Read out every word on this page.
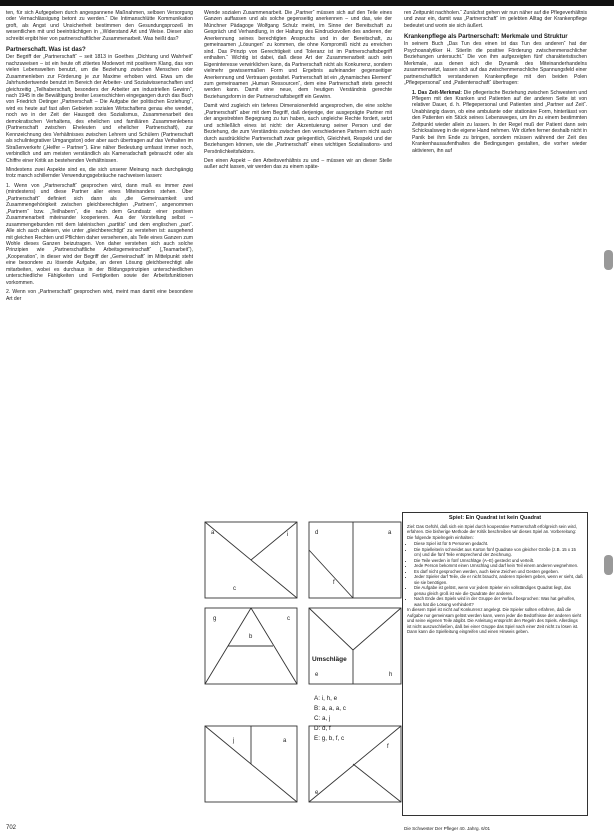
ten, für sich Aufgegeben durch angespannene Maßnahmen, selbsen Versorgung oder Vernachlässigung betont zu werden.“ Die Intimanschlütte Kommunikation groft, als Angst und Unsicherheit bestimmen den Gesundungsprozeß im wesentlichen mit und beeinträchtigen in ,,Widerstand Art und Weise. Dieser also schreibt ergibt hier von partnerschaftlicher Zusammenarbeit. Was heißt das?

Partnerschaft. Was ist das?

Der Begriff der „Partnerschaft“ – seit 1813 in Goethes „Dichtung und Wahrheit“ nachzuweisen – ist ein heute oft zitiertes Modewort mit positivem Klang, das von vielen Lebenswelten benutzt, um die Beziehung zwischen Menschen oder Zusammenleben zur Förderung je zur Maxime erhoben wird. Etwa um die Jahrhundertwende benutzt im Bereich der Arbeiter- und Sozialwissenschaften und gleichzeitig „Teilhaberschaft, besonders der Arbeiter am industriellen Gewinn“, nach 1945 in die Bewältigung breiter Leserschichten eingegangen durch das Buch von Friedrich Oetinger „Partnerschaft – Die Aufgabe der politischen Erziehung“, wird es heute auf fast allen Gebieten sozialen Wirtschaftens genau ehe wendet, noch wo in der Zeit der Hausgott des Sozialismus, Zusammenarbeit des demokratischen Verhaltens, des ehelichen und familiären Zusammenlebens (Partnerschaft zwischen Eheleuten und ehelicher Partnerschaft), zur Kennzeichnung des Verhältnisses zwischen Lehrern und Schülern (Partnerschaft als schulintegrativer Umgangston) oder aber auch übertragen auf das Verhalten im Straßenverkehr („Helfer – Partner“). Eine näher Bedeutung umfasst immer noch, verbindlich und am meisten verständlich als Kameradschaft gebraucht oder als Chiffre einer Kritik an bestehenden Verhältnissen.

Mindestens zwei Aspekte sind es, die sich unserer Meinung nach durchgängig trotz manch schillernder Verwendungsgebräuche nachweisen lassen:

1. Wenn von „Partnerschaft“ gesprochen wird, dann muß es immer zwei (mindestens) und diese Partner aller eines Miteinanders stehen. Über „Partnerschaft“ definiert sich dann als „die Gemeinsamkeit und Zusammengehörigkeit zwischen gleichberechtigten „Partnern“, angenommen „Partnern“ bzw. „Teilhabern“, die nach dem Grundsatz einer positiven Zusammenarbeit miteinander kooperieren. Aus der Vorstellung selbst – zusammengebunden mit dem lateinischen „partitio“ und dem englischen „part“. Alle sich auch ablesen, wie unter „gleichberechtigt“ zu verstehen ist: ausgehend mit gleichen Rechten und Pflichten daher versehenen, als Teile eines Ganzen zum Wohle dieses Ganzen beizutragen. Von daher verstehen sich auch solche Prinzipien wie „Partnerschaftliche Arbeitsgemeinschaft“ („Teamarbeit“), „Kooperation“, in dieser wird der Begriff der „Gemeinschaft“ im Mittelpunkt steht eine besondere zu lösende Aufgabe, an deren Lösung gleichberechtigt alle mitarbeiten, wobei es durchaus in der Bildungsprinzipien unterschiedlichen unterschiedliche Fähigkeiten und Fertigkeiten sowie der Arbeitsfunktionen vorkommen.

2. Wenn von „Partnerschaft“ gesprochen wird, meint man damit eine besondere Art der

Wende sozialen Zusammenarbeit. Die „Partner“ müssen sich auf den Teile eines Ganzen auffassen und als solche gegenseitig anerkennen – und das, wie der Münchner Pädagoge Wolfgang Schulz meint, im Sinne der Bereitschaft zu Gespräch und Verhandlung, in der Haltung des Eindrucksvollen des anderen, der Anerkennung seines berechtigten Anspruchs und in der Bereitschaft, zu gemeinsamen „Lösungen“ zu kommen, die ohne Kompromiß nicht zu erreichen sind. Das Prinzip von Gerechtigkeit und Toleranz ist im Partnerschaftsbegriff enthalten.“ Wichtig ist dabei, daß diese Art der Zusammenarbeit auch sein Eigeninteresse verwirklichen kann, da Partnerschaft nicht als Konkurrenz, sondern vielmehr gewissermaßen Form und Ergebnis aufeinander gegenseitiger Anerkennung und Vertrauen gestaltet. Partnerschaft ist ein „dynamisches Element“ zum gemeinsamen „Human Ressourcen“, dem eine Partnerschaft stets gerecht werden kann. Damit eine neue, dem heutigen Verständnis gerechte Beziehungsform in der Partnerschaftsbegriff ein Gewinn.

Damit wird zugleich ein tieferes Dimensionenfeld angesprochen, die eine solche „Partnerschaft“ aber mit dem Begriff, daß derjenige, der ausgeprägte Partner mit der angestrebten Begegnung zu tun haben, auch ungleiche Rechte fordert, setzt und schließlich eines ist nicht: der Akzentuierung seiner Person und der Beziehung, die zum Verständnis zwischen den verschiedenen Partnern nicht auch durch ausdrückliche Partnerschaft zwar gelegentlich, Gleichheit, Respekt und der Beziehungen können, wie die „Partnerschaft“ eines wichtigen Sozialisations- und Persönlichkeitsfaktors.

Den einen Aspekt – den Arbeitsverhältnis zu und – müssen wir an dieser Stelle außer acht lassen, wir werden das zu einem späte-

ren Zeitpunkt nachholen.“ Zunächst gehen wir nun näher auf die Pflegeverhältnis und zwar ein, damit was „Partnerschaft“ im gelebten Alltag der Krankenpflege bedeutet und worin sie sich äußert.

Krankenpflege als Partnerschaft: Merkmale und Struktur

In seinem Buch „Das Tun des einen ist das Tun des anderen“ hat der Psychoanalytiker H. Stierlin die positive Förderung zwischenmenschlicher Beziehungen untersucht.“ Die von ihm aufgezeigten fünf charakteristischen Merkmale, aus denen sich die Dynamik des Miteinanderhandelns zusammensetzt, lassen sich auf das zwischenmenschliche Spannungsfeld einer partnerschaftlich verstandenen Krankenpflege mit den beiden Polen „Pflegepersonal“ und „Patientenschaft“ übertragen:

1. Das Zeit-Merkmal: Die pflegerische Beziehung zwischen Schwestern und Pflegern mit den Kranken und Patienten auf der anderen Seite ist von relativer Dauer, d. h. Pflegepersonal und Patienten sind „Partner auf Zeit“. Unabhängig davon, ob eine ambulante oder stationäre Form, hinterlässt von den Patienten ein Stück seines Lebensweges, um ihn zu einem bestimmten Zeitpunkt wieder allein zu lassen. In der Regel muß der Patient dann sein Schicksalsweg in die eigene Hand nehmen. Wir dürfen ferner deshalb nicht in Panik bei ihm Ende zu bringen, sondern müssen während der Zeit des Krankenhausaufenthaltes die Bedingungen gestalten, die vorher wieder aktivieren, ihn auf

a
c
i	d
f
a
g
b
c
e	h
j	a
e
f
Umschläge
A: i, h, e
B: a, a, a, c
C: a, j
D: d, f
E: g, b, f, c
Spiel: Ein Quadrat ist kein Quadrat

Ziel: Das Gefühl, daß sich ein Spiel durch kooperative Partnerschaft erfolgreich sein wird, erfahren. Die bisherige Methode der Kritik beschreiben wir dieses Spiel an. Vorbereitung: Die folgende Spielregeln einhalten:

• Diese Spiel ist für 5 Personen gedacht.
• Die Spielleiterin schneidet aus Karton fünf Quadrate von gleicher Größe (z.B. 15 x 15 cm) und die fünf Teile entsprechend der Zeichnung.
• Die Teile werden in fünf Umschläge (A–E) gesteckt und verteilt.
• Jede Person bekommt einen Umschlag und darf kein Teil einem anderen wegnehmen.
• Es darf nicht gesprochen werden, auch keine Zeichen und Gesten gegeben.
• Jeder Spieler darf Teile, die er nicht braucht, anderen Spielern geben, wenn er sieht, daß sie sie benötigen.
• Die Aufgabe ist gelöst, wenn vor jedem Spieler ein vollständiges Quadrat liegt, das genau gleich groß ist wie die Quadrate der anderen.
• Nach Ende des Spiels wird in der Gruppe der Verlauf besprochen: Was hat geholfen, was hat die Lösung verhindert?

In diesem Spiel ist nicht auf Konkurrenz angelegt. Die Spieler sollten erfahren, daß die Aufgabe nur gemeinsam gelöst werden kann, wenn jeder die Bedürfnisse der anderen sieht und seine eigenen Teile abgibt. Die Anleitung entspricht den Regeln des Spiels. Allerdings ist nicht auszuschließen, daß bei einer Gruppe das Spiel nach einer Zeit nicht zu lösen ist. Dann kann die Spielleitung eingreifen und einen Hinweis geben.

702	Die Schwester Der Pfleger 40. Jahrg. 6/01
